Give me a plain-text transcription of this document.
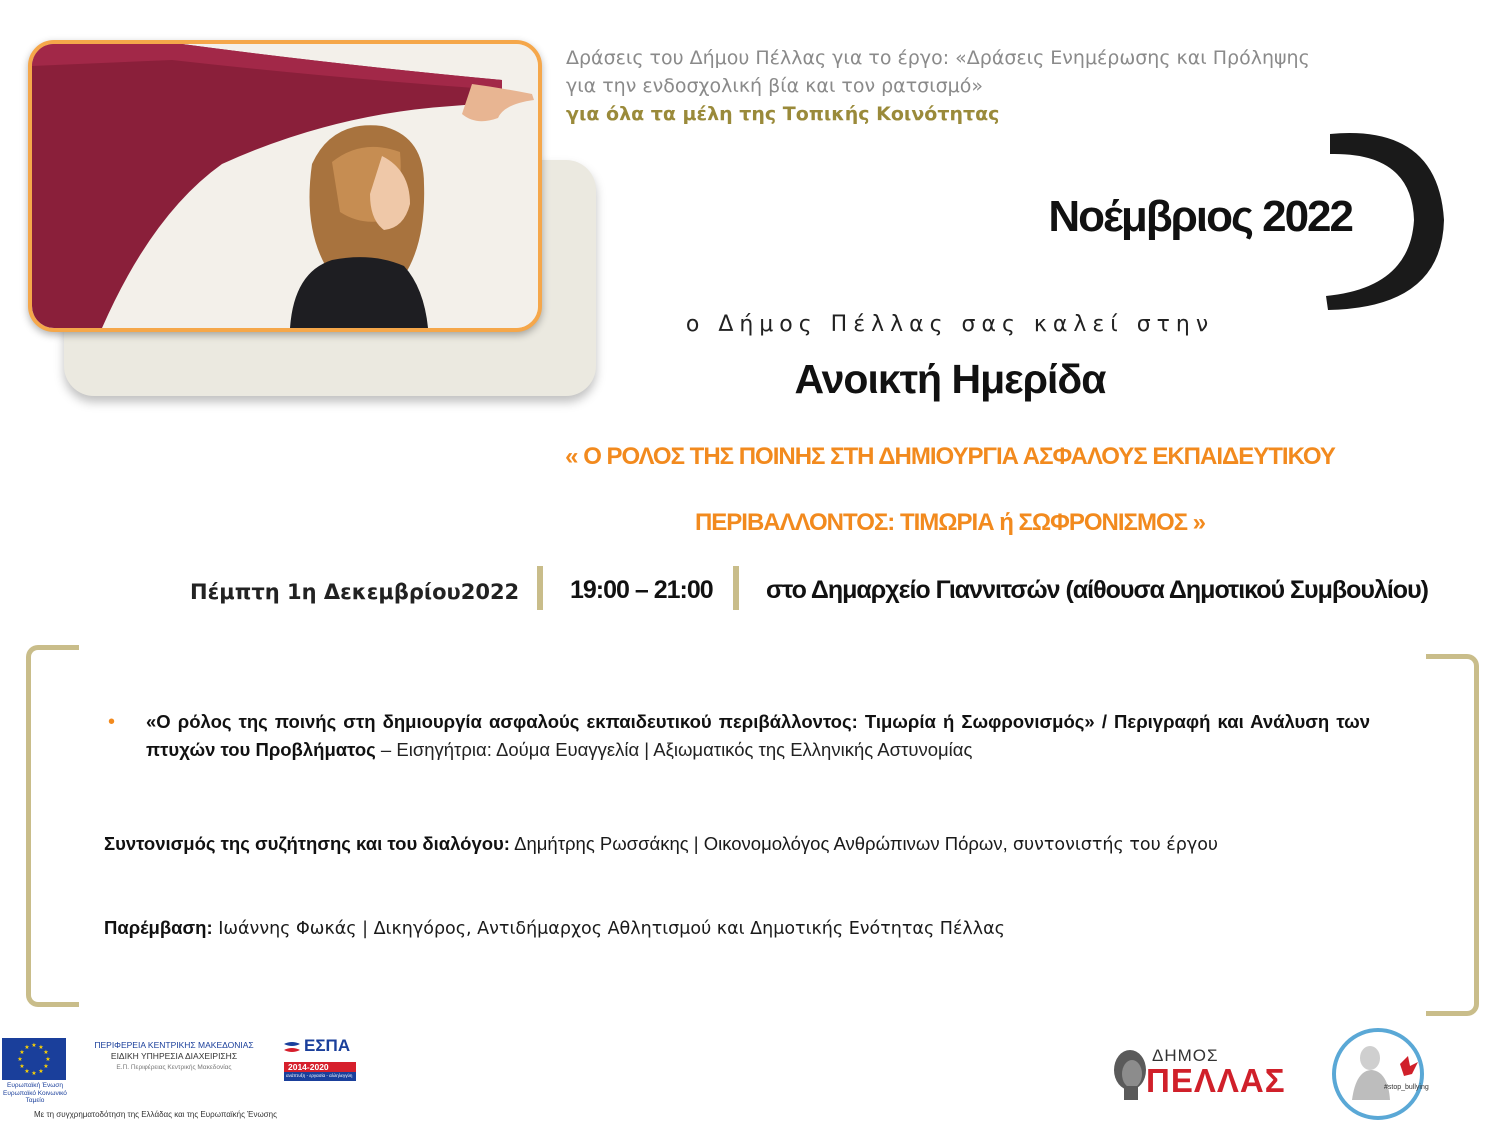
Δράσεις του Δήμου Πέλλας για το έργο: «Δράσεις Ενημέρωσης και Πρόληψης
για την ενδοσχολική βία και τον ρατσισμό»
για όλα τα μέλη της Τοπικής Κοινότητας
Νοέμβριος 2022
ο Δήμος Πέλλας σας καλεί στην
Ανοικτή Ημερίδα
« Ο ΡΟΛΟΣ ΤΗΣ ΠΟΙΝΗΣ ΣΤΗ ΔΗΜΙΟΥΡΓΙΑ ΑΣΦΑΛΟΥΣ ΕΚΠΑΙΔΕΥΤΙΚΟΥ
ΠΕΡΙΒΑΛΛΟΝΤΟΣ: ΤΙΜΩΡΙΑ ή ΣΩΦΡΟΝΙΣΜΟΣ »
Πέμπτη 1η Δεκεμβρίου2022 19:00 – 21:00 στο Δημαρχείο Γιαννιτσών (αίθουσα Δημοτικού Συμβουλίου)
• «Ο ρόλος της ποινής στη δημιουργία ασφαλούς εκπαιδευτικού περιβάλλοντος: Τιμωρία ή Σωφρονισμός» / Περιγραφή και Ανάλυση των πτυχών του Προβλήματος – Εισηγήτρια: Δούμα Ευαγγελία | Αξιωματικός της Ελληνικής Αστυνομίας
Συντονισμός της συζήτησης και του διαλόγου: Δημήτρης Ρωσσάκης | Οικονομολόγος Ανθρώπινων Πόρων, συντονιστής του έργου
Παρέμβαση: Ιωάννης Φωκάς | Δικηγόρος, Αντιδήμαρχος Αθλητισμού και Δημοτικής Ενότητας Πέλλας
★ ★
★
★
★
★
★
★
★
★
★
★
Ευρωπαϊκή Ένωση
Ευρωπαϊκό Κοινωνικό Ταμείο
ΠΕΡΙΦΕΡΕΙΑ ΚΕΝΤΡΙΚΗΣ ΜΑΚΕΔΟΝΙΑΣ
ΕΙΔΙΚΗ ΥΠΗΡΕΣΙΑ ΔΙΑΧΕΙΡΙΣΗΣ
Ε.Π. Περιφέρειας Κεντρικής Μακεδονίας
ΕΣΠΑ
2014-2020
ανάπτυξη - εργασία - αλληλεγγύη
Με τη συγχρηματοδότηση της Ελλάδας και της Ευρωπαϊκής Ένωσης
ΔΗΜΟΣ
ΠΕΛΛΑΣ	#stop_bullying
